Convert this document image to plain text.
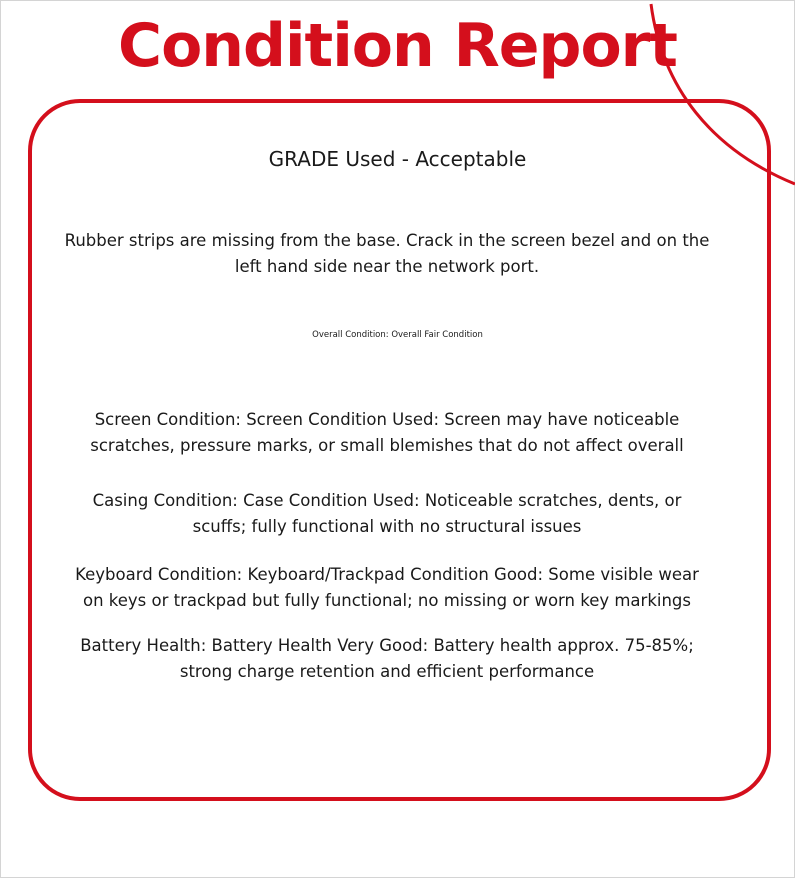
Condition Report
GRADE Used - Acceptable
Rubber strips are missing from the base. Crack in the screen bezel and on the left hand side near the network port.
Overall Condition: Overall Fair Condition
Screen Condition: Screen Condition Used: Screen may have noticeable scratches, pressure marks, or small blemishes that do not affect overall
Casing Condition: Case Condition Used: Noticeable scratches, dents, or scuffs; fully functional with no structural issues
Keyboard Condition: Keyboard/Trackpad Condition Good: Some visible wear on keys or trackpad but fully functional; no missing or worn key markings
Battery Health: Battery Health Very Good: Battery health approx. 75-85%; strong charge retention and efficient performance
